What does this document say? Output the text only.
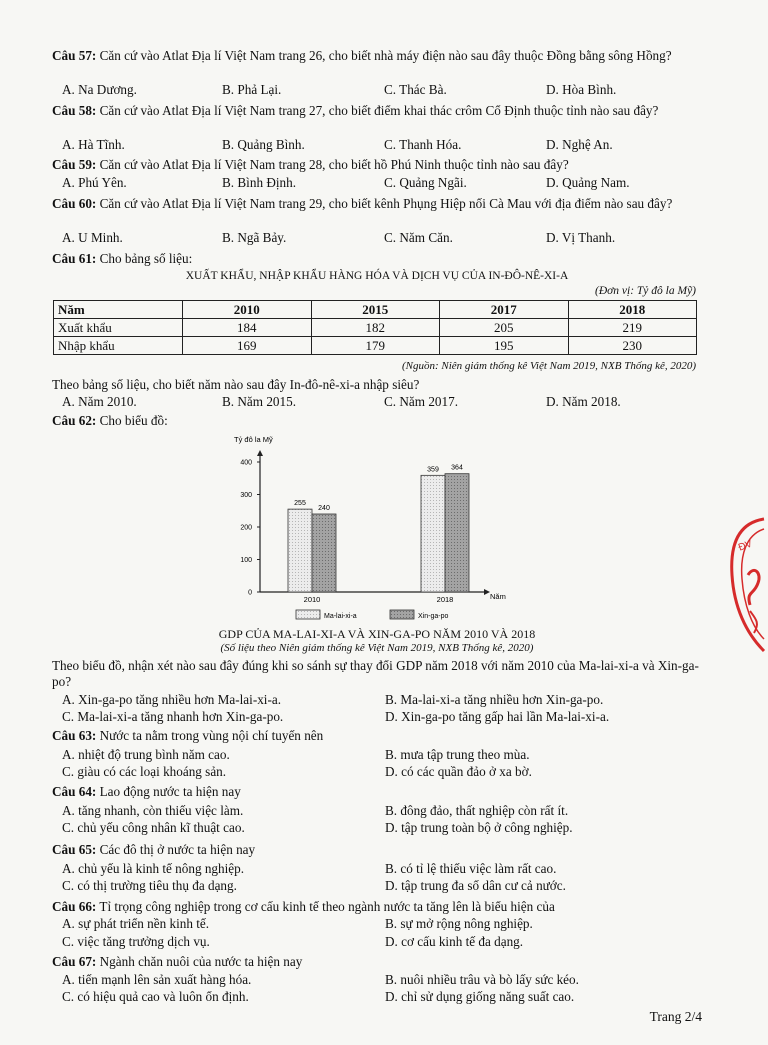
Câu 57: Căn cứ vào Atlat Địa lí Việt Nam trang 26, cho biết nhà máy điện nào sau đây thuộc Đồng bằng sông Hồng?
A. Na Dương.	B. Phả Lại.	C. Thác Bà.	D. Hòa Bình.
Câu 58: Căn cứ vào Atlat Địa lí Việt Nam trang 27, cho biết điểm khai thác crôm Cổ Định thuộc tỉnh nào sau đây?
A. Hà Tĩnh.	B. Quảng Bình.	C. Thanh Hóa.	D. Nghệ An.
Câu 59: Căn cứ vào Atlat Địa lí Việt Nam trang 28, cho biết hồ Phú Ninh thuộc tỉnh nào sau đây?
A. Phú Yên.	B. Bình Định.	C. Quảng Ngãi.	D. Quảng Nam.
Câu 60: Căn cứ vào Atlat Địa lí Việt Nam trang 29, cho biết kênh Phụng Hiệp nối Cà Mau với địa điểm nào sau đây?
A. U Minh.	B. Ngã Bảy.	C. Năm Căn.	D. Vị Thanh.
Câu 61: Cho bảng số liệu:
XUẤT KHẨU, NHẬP KHẨU HÀNG HÓA VÀ DỊCH VỤ CỦA IN-ĐÔ-NÊ-XI-A
(Đơn vị: Tỷ đô la Mỹ)
Năm	2010	2015	2017	2018
Xuất khẩu	184	182	205	219
Nhập khẩu	169	179	195	230
(Nguồn: Niên giám thống kê Việt Nam 2019, NXB Thống kê, 2020)
Theo bảng số liệu, cho biết năm nào sau đây In-đô-nê-xi-a nhập siêu?
A. Năm 2010.	B. Năm 2015.	C. Năm 2017.	D. Năm 2018.
Câu 62: Cho biểu đồ:
Tỷ đô la Mỹ
Năm
0
100
200
300
400
255
240
359 364
2010	2018
Ma-lai-xi-a	Xin-ga-po
GDP CỦA MA-LAI-XI-A VÀ XIN-GA-PO NĂM 2010 VÀ 2018
(Số liệu theo Niên giám thống kê Việt Nam 2019, NXB Thống kê, 2020)
Theo biểu đồ, nhận xét nào sau đây đúng khi so sánh sự thay đổi GDP năm 2018 với năm 2010 của Ma-lai-xi-a và Xin-ga-po?
A. Xin-ga-po tăng nhiều hơn Ma-lai-xi-a.	B. Ma-lai-xi-a tăng nhiều hơn Xin-ga-po.
C. Ma-lai-xi-a tăng nhanh hơn Xin-ga-po.	D. Xin-ga-po tăng gấp hai lần Ma-lai-xi-a.
Câu 63: Nước ta nằm trong vùng nội chí tuyến nên
A. nhiệt độ trung bình năm cao.	B. mưa tập trung theo mùa.
C. giàu có các loại khoáng sản.	D. có các quần đảo ở xa bờ.
Câu 64: Lao động nước ta hiện nay
A. tăng nhanh, còn thiếu việc làm.	B. đông đảo, thất nghiệp còn rất ít.
C. chủ yếu công nhân kĩ thuật cao.	D. tập trung toàn bộ ở công nghiệp.
Câu 65: Các đô thị ở nước ta hiện nay
A. chủ yếu là kinh tế nông nghiệp.	B. có tỉ lệ thiếu việc làm rất cao.
C. có thị trường tiêu thụ đa dạng.	D. tập trung đa số dân cư cả nước.
Câu 66: Tỉ trọng công nghiệp trong cơ cấu kinh tế theo ngành nước ta tăng lên là biểu hiện của
A. sự phát triển nền kinh tế.	B. sự mở rộng nông nghiệp.
C. việc tăng trưởng dịch vụ.	D. cơ cấu kinh tế đa dạng.
Câu 67: Ngành chăn nuôi của nước ta hiện nay
A. tiến mạnh lên sản xuất hàng hóa.	B. nuôi nhiều trâu và bò lấy sức kéo.
C. có hiệu quả cao và luôn ổn định.	D. chỉ sử dụng giống năng suất cao.
Trang 2/4
ĐV
